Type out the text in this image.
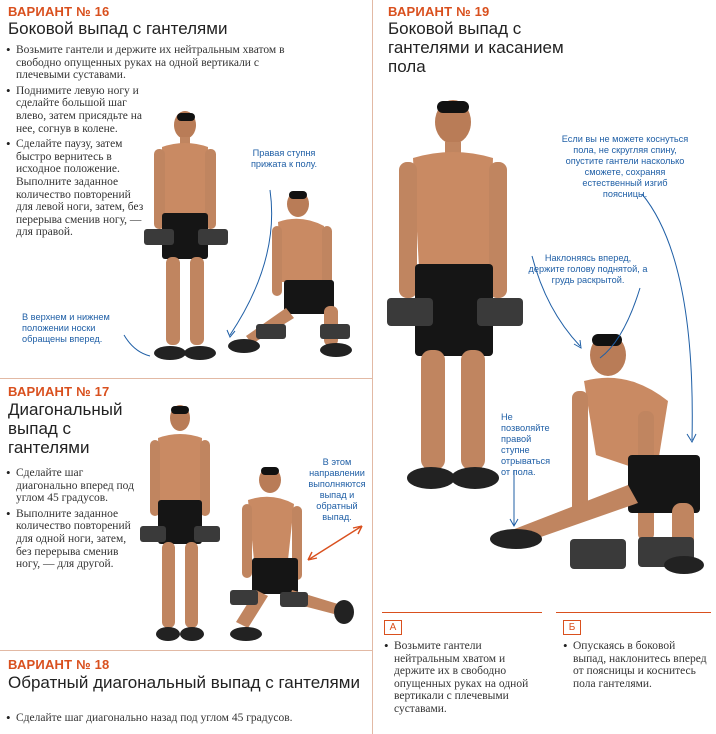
ВАРИАНТ № 16
Боковой выпад с гантелями
• Возьмите гантели и держите их нейтральным хватом в свободно опущенных руках на одной вертикали с плечевыми суставами.
• Поднимите левую ногу и сделайте большой шаг влево, затем присядьте на нее, согнув в колене.
• Сделайте паузу, затем быстро вернитесь в исходное положение. Выполните заданное количество повторений для левой ноги, затем, без перерыва сменив ногу, — для правой.
Правая ступня прижата к полу.
В верхнем и нижнем положении носки обращены вперед.
ВАРИАНТ № 17
Диагональный выпад с гантелями
• Сделайте шаг диагонально вперед под углом 45 градусов.
• Выполните заданное количество повторений для одной ноги, затем, без перерыва сменив ногу, — для другой.
В этом направлении выполняются выпад и обратный выпад.
ВАРИАНТ № 18
Обратный диагональный выпад с гантелями
• Сделайте шаг диагонально назад под углом 45 градусов.
ВАРИАНТ № 19
Боковой выпад с гантелями и касанием пола
Если вы не можете коснуться пола, не скругляя спину, опустите гантели насколько сможете, сохраняя естественный изгиб поясницы.
Наклоняясь вперед, держите голову поднятой, а грудь раскрытой.
Не позволяйте правой ступне отрываться от пола.
А	Б
• Возьмите гантели нейтральным хватом и держите их в свободно опущенных руках на одной вертикали с плечевыми суставами.
• Опускаясь в боковой выпад, наклонитесь вперед от поясницы и коснитесь пола гантелями.
